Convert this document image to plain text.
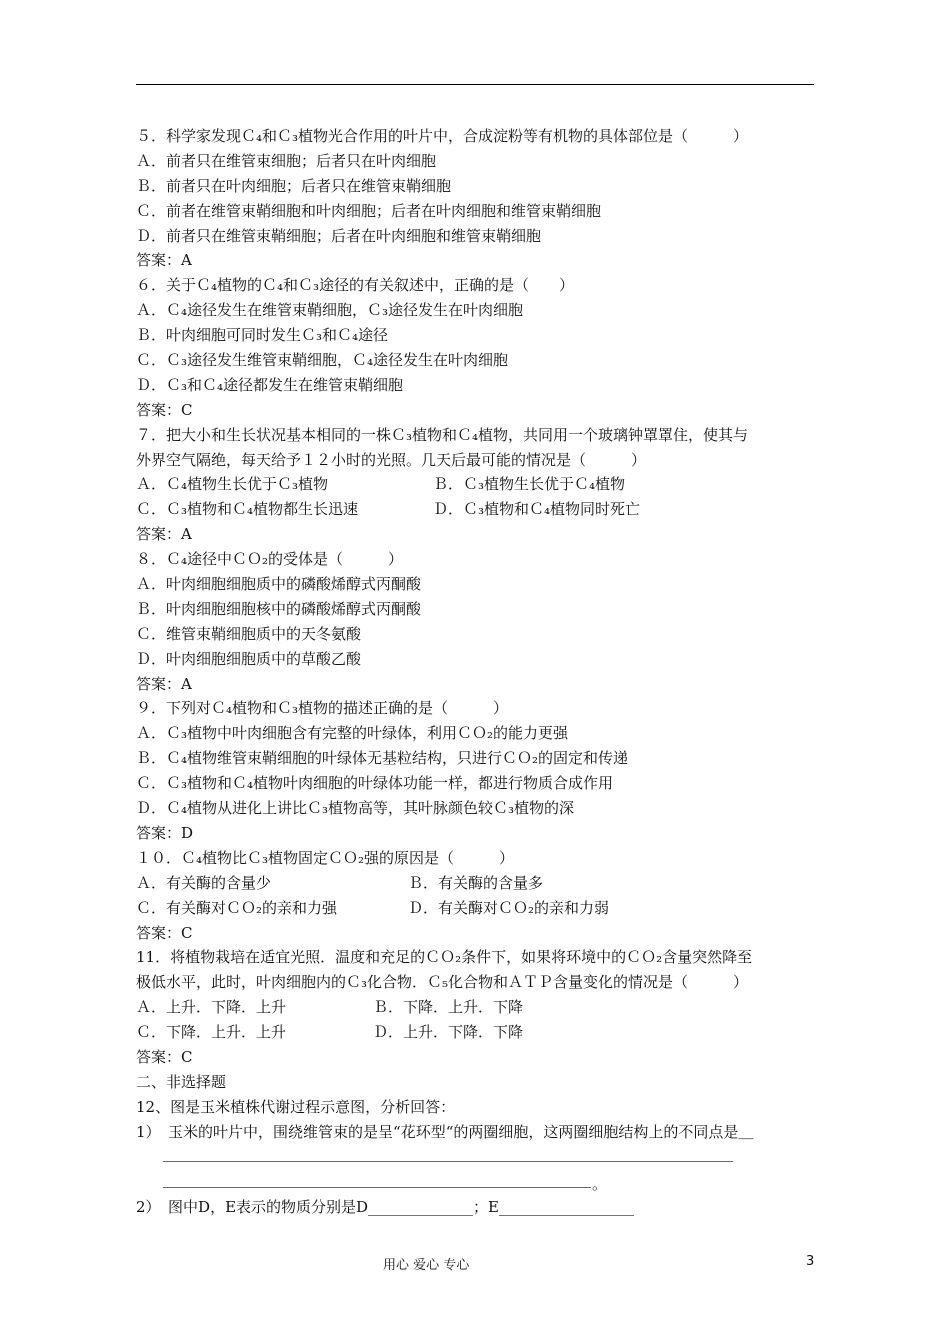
５．科学家发现Ｃ₄和Ｃ₃植物光合作用的叶片中，合成淀粉等有机物的具体部位是（　　　）
Ａ．前者只在维管束细胞；后者只在叶肉细胞
Ｂ．前者只在叶肉细胞；后者只在维管束鞘细胞
Ｃ．前者在维管束鞘细胞和叶肉细胞；后者在叶肉细胞和维管束鞘细胞
Ｄ．前者只在维管束鞘细胞；后者在叶肉细胞和维管束鞘细胞
答案：A
６．关于Ｃ₄植物的Ｃ₄和Ｃ₃途径的有关叙述中，正确的是（　　）
Ａ．Ｃ₄途径发生在维管束鞘细胞，Ｃ₃途径发生在叶肉细胞
Ｂ．叶肉细胞可同时发生Ｃ₃和Ｃ₄途径
Ｃ．Ｃ₃途径发生维管束鞘细胞，Ｃ₄途径发生在叶肉细胞
Ｄ．Ｃ₃和Ｃ₄途径都发生在维管束鞘细胞
答案：C
７．把大小和生长状况基本相同的一株Ｃ₃植物和Ｃ₄植物，共同用一个玻璃钟罩罩住，使其与
外界空气隔绝，每天给予１２小时的光照。几天后最可能的情况是（　　　）
Ａ．Ｃ₄植物生长优于Ｃ₃植物	Ｂ．Ｃ₃植物生长优于Ｃ₄植物
Ｃ．Ｃ₃植物和Ｃ₄植物都生长迅速	Ｄ．Ｃ₃植物和Ｃ₄植物同时死亡
答案：A
８．Ｃ₄途径中ＣＯ₂的受体是（　　　）
Ａ．叶肉细胞细胞质中的磷酸烯醇式丙酮酸
Ｂ．叶肉细胞细胞核中的磷酸烯醇式丙酮酸
Ｃ．维管束鞘细胞质中的天冬氨酸
Ｄ．叶肉细胞细胞质中的草酸乙酸
答案：A
９．下列对Ｃ₄植物和Ｃ₃植物的描述正确的是（　　　）
Ａ．Ｃ₃植物中叶肉细胞含有完整的叶绿体，利用ＣＯ₂的能力更强
Ｂ．Ｃ₄植物维管束鞘细胞的叶绿体无基粒结构，只进行ＣＯ₂的固定和传递
Ｃ．Ｃ₃植物和Ｃ₄植物叶肉细胞的叶绿体功能一样，都进行物质合成作用
Ｄ．Ｃ₄植物从进化上讲比Ｃ₃植物高等，其叶脉颜色较Ｃ₃植物的深
答案：D
１０．Ｃ₄植物比Ｃ₃植物固定ＣＯ₂强的原因是（　　　）
Ａ．有关酶的含量少	Ｂ．有关酶的含量多
Ｃ．有关酶对ＣＯ₂的亲和力强	Ｄ．有关酶对ＣＯ₂的亲和力弱
答案：C
11．将植物栽培在适宜光照．温度和充足的ＣＯ₂条件下，如果将环境中的ＣＯ₂含量突然降至
极低水平，此时，叶肉细胞内的Ｃ₃化合物．Ｃ₅化合物和ＡＴＰ含量变化的情况是（　　　）
Ａ．上升．下降．上升	Ｂ．下降．上升．下降
Ｃ．下降．上升．上升	Ｄ．上升．下降．下降
答案：C
二、非选择题
12、图是玉米植株代谢过程示意图，分析回答：
1）　玉米的叶片中，围绕维管束的是呈“花环型“的两圈细胞，这两圈细胞结构上的不同点是＿
2）　图中D，E表示的物质分别是D______________；E__________________
。
用心 爱心 专心	3
